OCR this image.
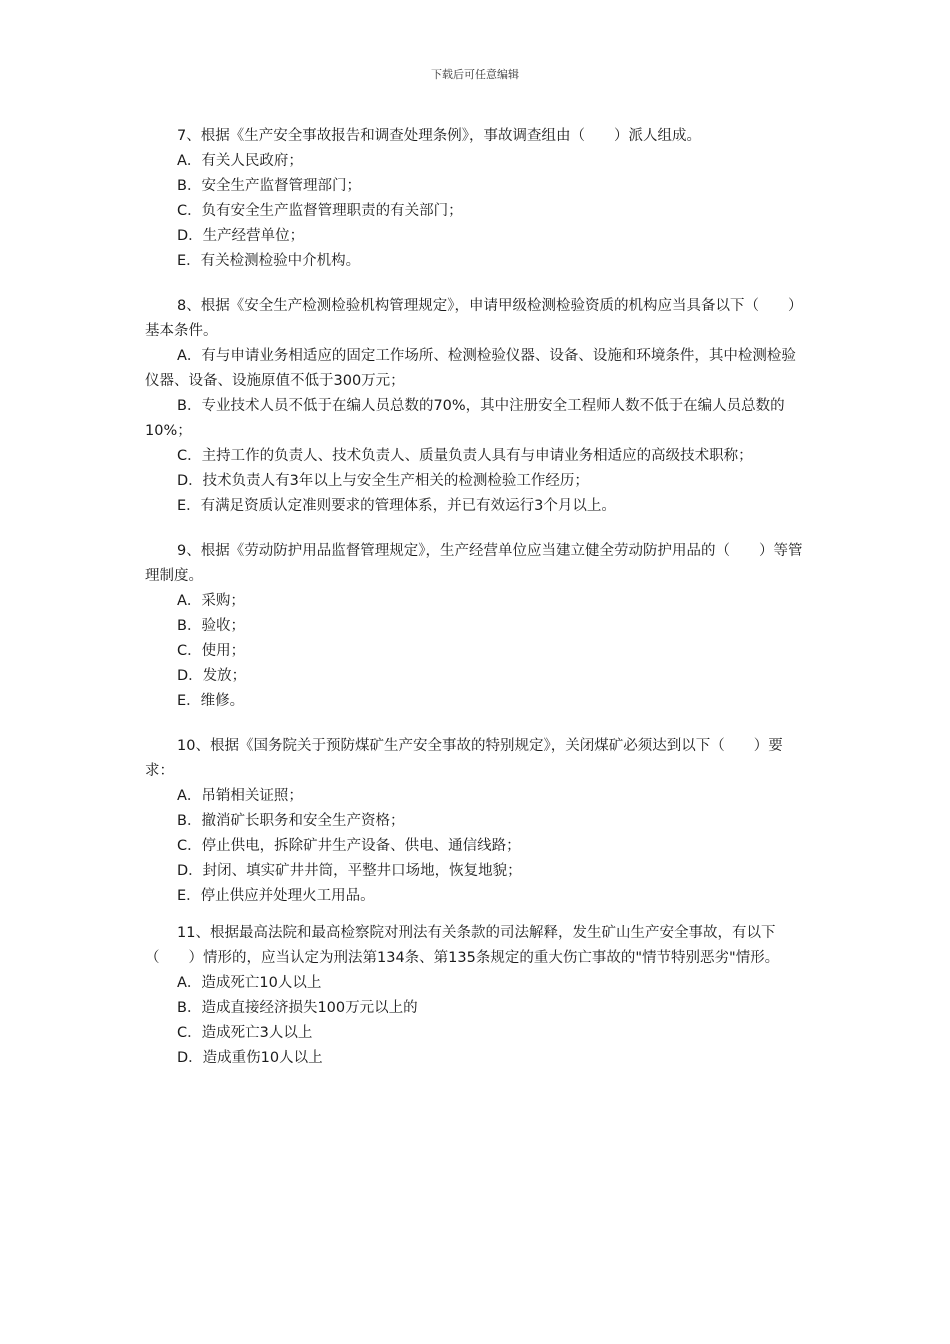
下载后可任意编辑

7、根据《生产安全事故报告和调查处理条例》，事故调查组由（　　）派人组成。

A．有关人民政府；
B．安全生产监督管理部门；
C．负有安全生产监督管理职责的有关部门；
D．生产经营单位；
E．有关检测检验中介机构。

8、根据《安全生产检测检验机构管理规定》，申请甲级检测检验资质的机构应当具备以下（　　）基本条件。

A．有与申请业务相适应的固定工作场所、检测检验仪器、设备、设施和环境条件，其中检测检验仪器、设备、设施原值不低于300万元；
B．专业技术人员不低于在编人员总数的70%，其中注册安全工程师人数不低于在编人员总数的10%；
C．主持工作的负责人、技术负责人、质量负责人具有与申请业务相适应的高级技术职称；
D．技术负责人有3年以上与安全生产相关的检测检验工作经历；
E．有满足资质认定准则要求的管理体系，并已有效运行3个月以上。

9、根据《劳动防护用品监督管理规定》，生产经营单位应当建立健全劳动防护用品的（　　）等管理制度。

A．采购；
B．验收；
C．使用；
D．发放；
E．维修。

10、根据《国务院关于预防煤矿生产安全事故的特别规定》，关闭煤矿必须达到以下（　　）要求：

A．吊销相关证照；
B．撤消矿长职务和安全生产资格；
C．停止供电，拆除矿井生产设备、供电、通信线路；
D．封闭、填实矿井井筒，平整井口场地，恢复地貌；
E．停止供应并处理火工用品。

11、根据最高法院和最高检察院对刑法有关条款的司法解释，发生矿山生产安全事故，有以下（　　）情形的，应当认定为刑法第134条、第135条规定的重大伤亡事故的"情节特别恶劣"情形。

A．造成死亡10人以上
B．造成直接经济损失100万元以上的
C．造成死亡3人以上
D．造成重伤10人以上
